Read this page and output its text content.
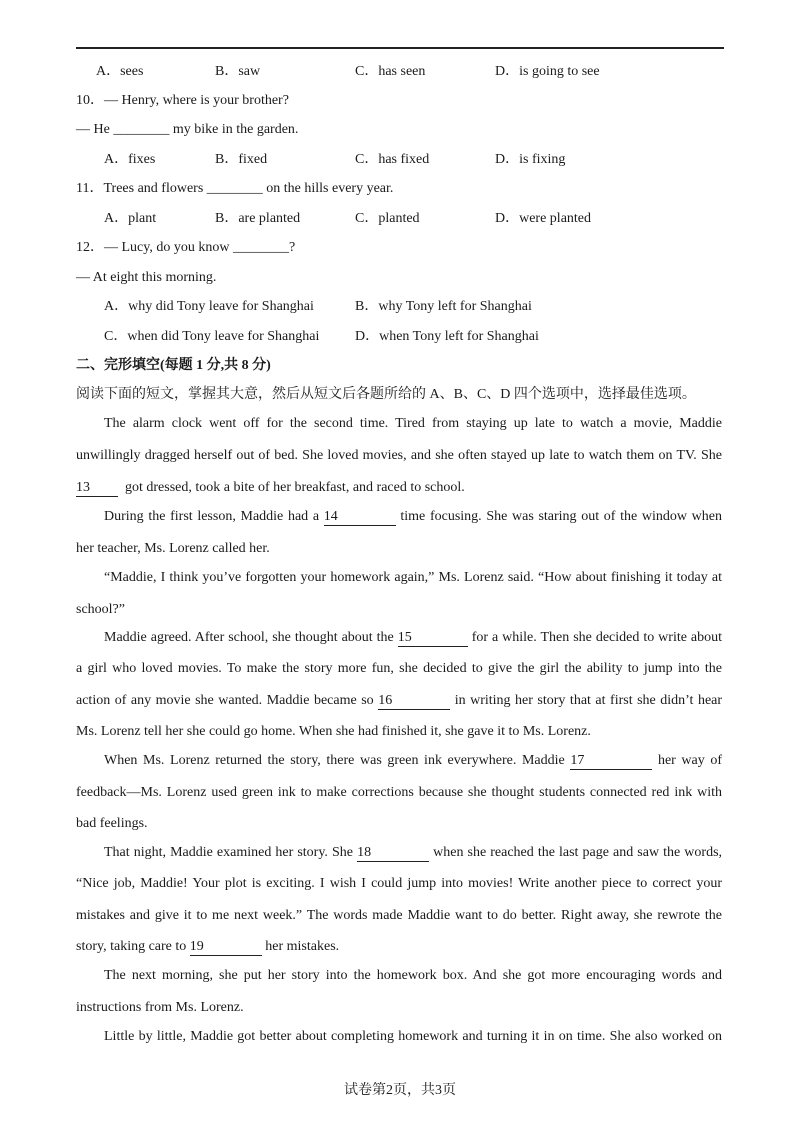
A．sees	B．saw	C．has seen	D．is going to see
10．— Henry, where is your brother?
— He ________ my bike in the garden.
A．fixes	B．fixed	C．has fixed	D．is fixing
11．Trees and flowers ________ on the hills every year.
A．plant	B．are planted	C．planted	D．were planted
12．— Lucy, do you know ________?
— At eight this morning.
A．why did Tony leave for Shanghai	B．why Tony left for Shanghai
C．when did Tony leave for Shanghai	D．when Tony left for Shanghai
二、完形填空(每题 1 分,共 8 分)
阅读下面的短文，掌握其大意，然后从短文后各题所给的 A、B、C、D 四个选项中，选择最佳选项。
The alarm clock went off for the second time. Tired from staying up late to watch a movie, Maddie
unwillingly dragged herself out of bed. She loved movies, and she often stayed up late to watch them on TV. She
13	got dressed, took a bite of her breakfast, and raced to school.
During the first lesson, Maddie had a 14	time focusing. She was staring out of the window when
her teacher, Ms. Lorenz called her.
“Maddie, I think you’ve forgotten your homework again,” Ms. Lorenz said. “How about finishing it today at
school?”
Maddie agreed. After school, she thought about the 15	for a while. Then she decided to write about
a girl who loved movies. To make the story more fun, she decided to give the girl the ability to jump into the
action of any movie she wanted. Maddie became so 16	in writing her story that at first she didn’t hear
Ms. Lorenz tell her she could go home. When she had finished it, she gave it to Ms. Lorenz.
When Ms. Lorenz returned the story, there was green ink everywhere. Maddie 17	her way of
feedback—Ms. Lorenz used green ink to make corrections because she thought students connected red ink with
bad feelings.
That night, Maddie examined her story. She 18	when she reached the last page and saw the words,
“Nice job, Maddie! Your plot is exciting. I wish I could jump into movies! Write another piece to correct your
mistakes and give it to me next week.” The words made Maddie want to do better. Right away, she rewrote the
story, taking care to 19	her mistakes.
The next morning, she put her story into the homework box. And she got more encouraging words and
instructions from Ms. Lorenz.
Little by little, Maddie got better about completing homework and turning it in on time. She also worked on
试卷第2页，共3页
